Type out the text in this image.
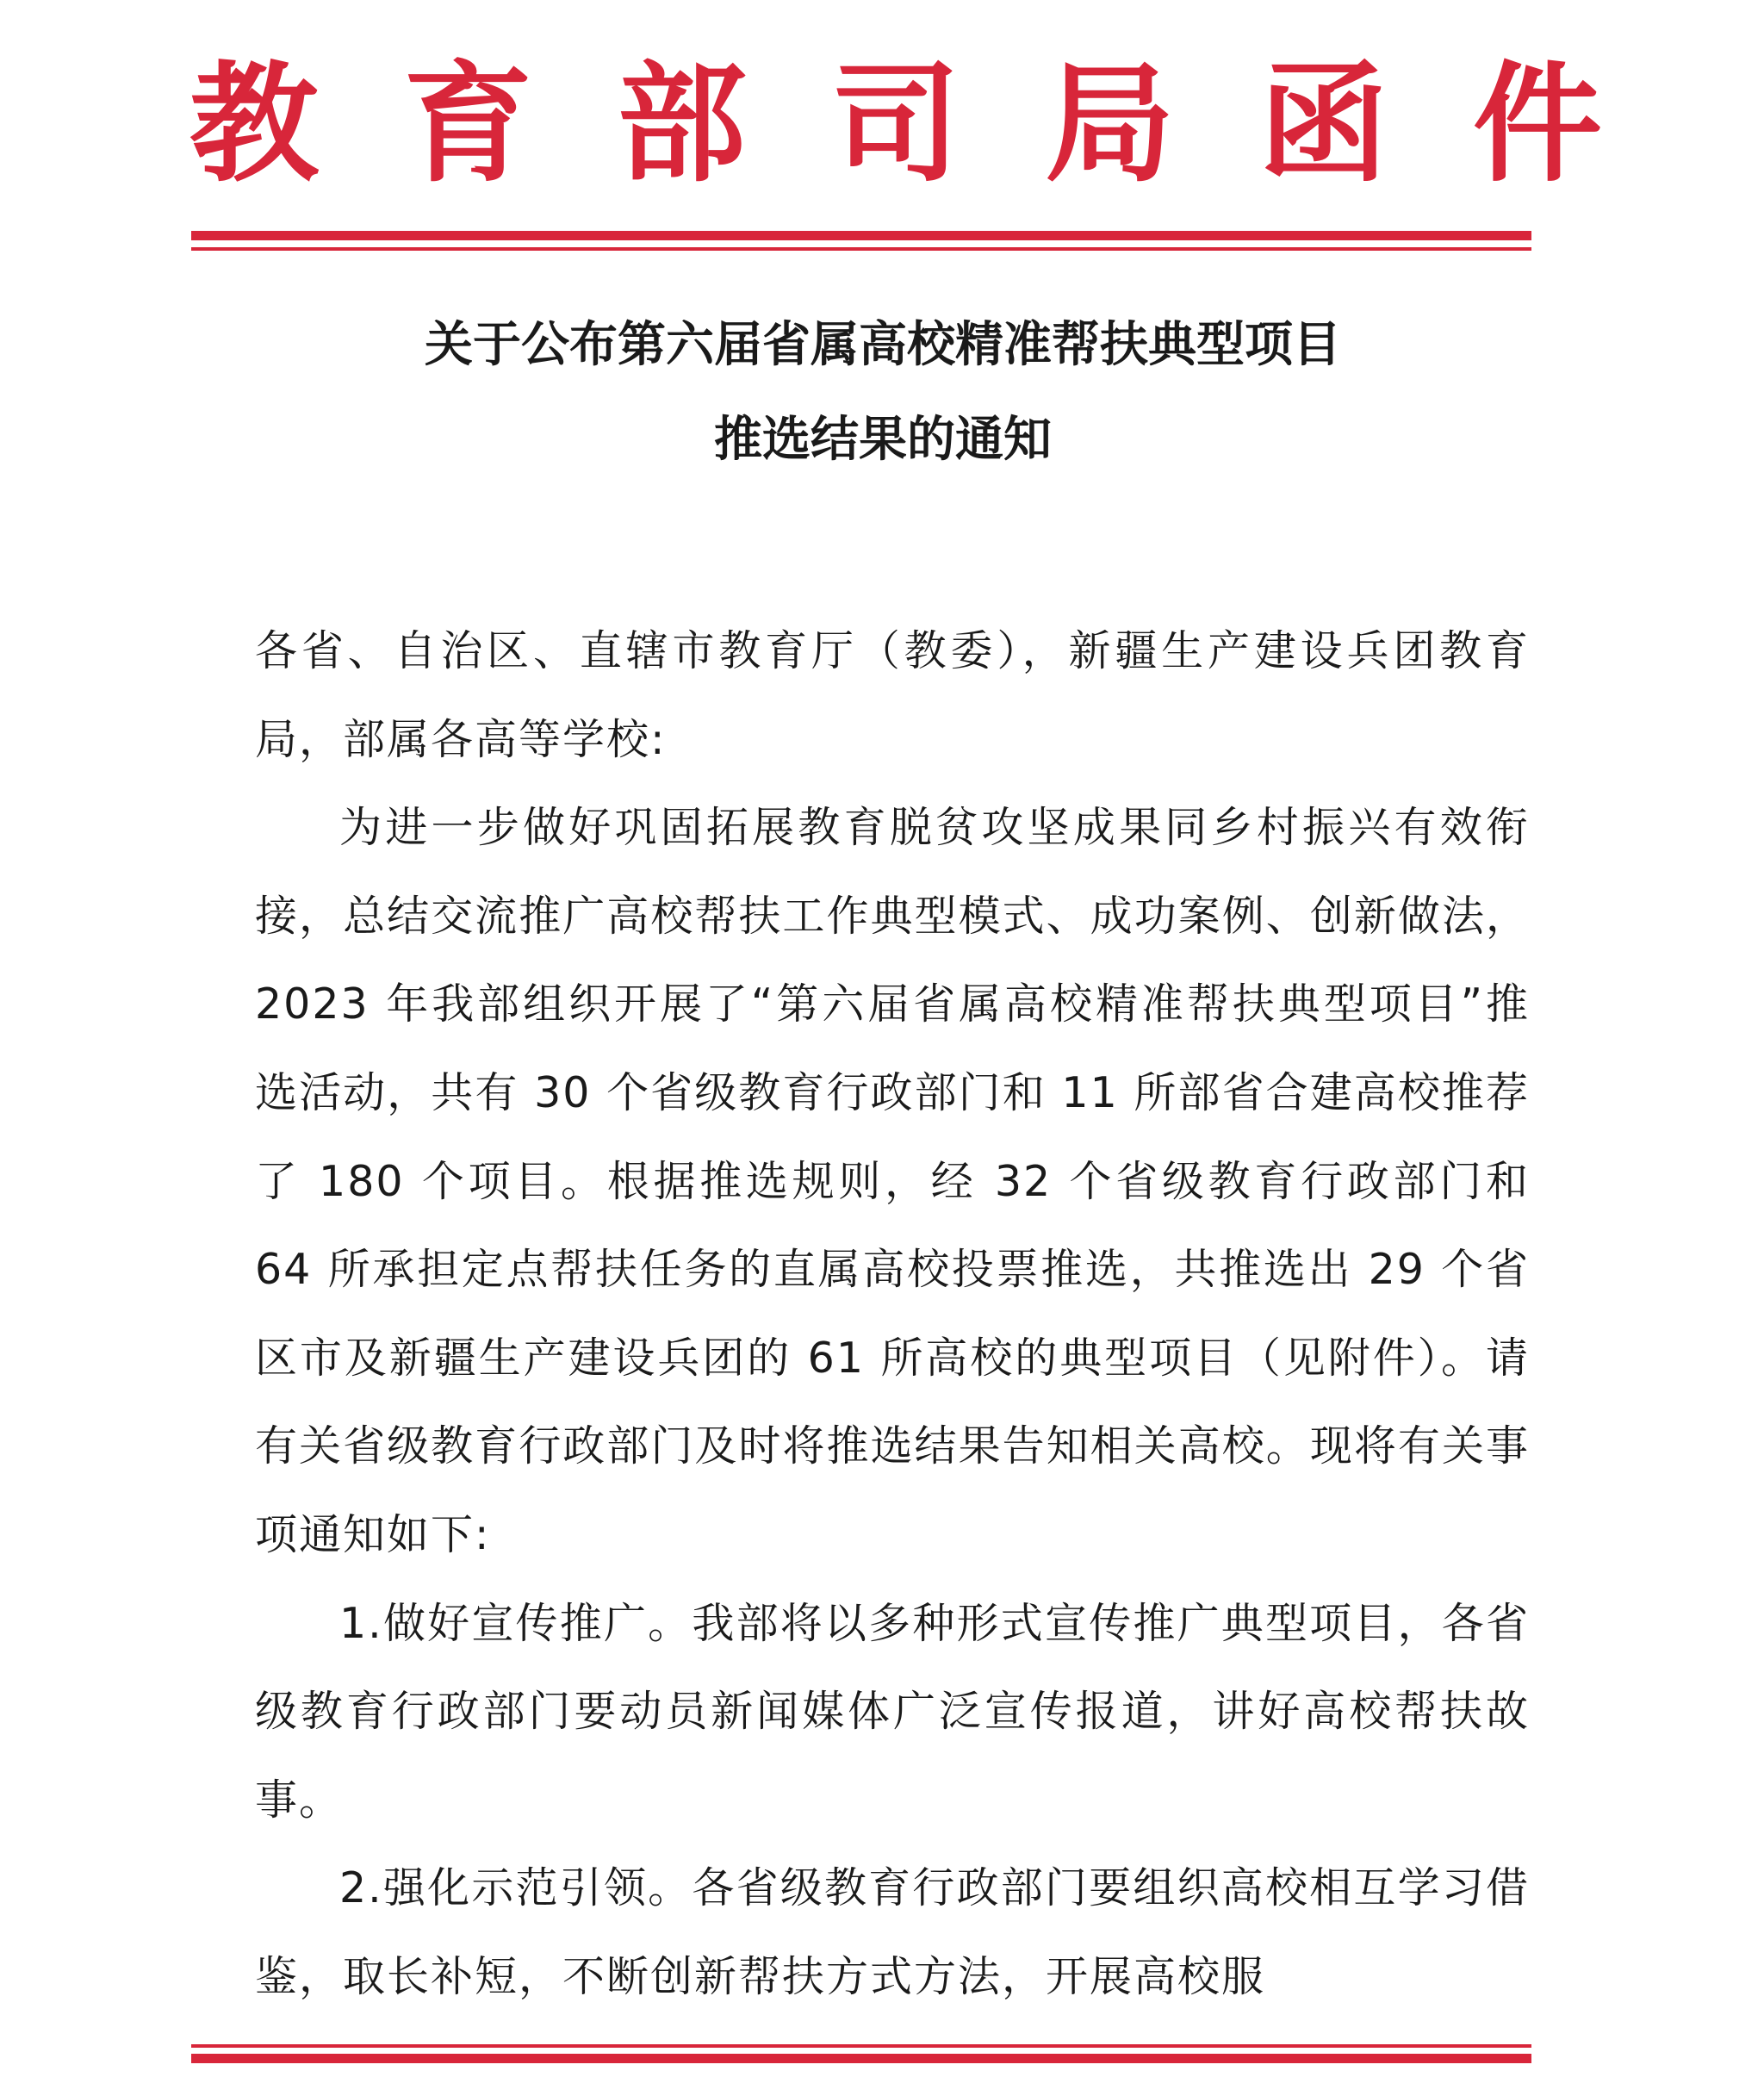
教 育 部 司 局 函 件
关于公布第六届省属高校精准帮扶典型项目
推选结果的通知

各省、自治区、直辖市教育厅（教委），新疆生产建设兵团教育局，部属各高等学校:

为进一步做好巩固拓展教育脱贫攻坚成果同乡村振兴有效衔接，总结交流推广高校帮扶工作典型模式、成功案例、创新做法，2023 年我部组织开展了“第六届省属高校精准帮扶典型项目”推选活动，共有 30 个省级教育行政部门和 11 所部省合建高校推荐了 180 个项目。根据推选规则，经 32 个省级教育行政部门和 64 所承担定点帮扶任务的直属高校投票推选，共推选出 29 个省区市及新疆生产建设兵团的 61 所高校的典型项目（见附件）。请有关省级教育行政部门及时将推选结果告知相关高校。现将有关事项通知如下:

1.做好宣传推广。我部将以多种形式宣传推广典型项目，各省级教育行政部门要动员新闻媒体广泛宣传报道，讲好高校帮扶故事。

2.强化示范引领。各省级教育行政部门要组织高校相互学习借鉴，取长补短，不断创新帮扶方式方法，开展高校服
